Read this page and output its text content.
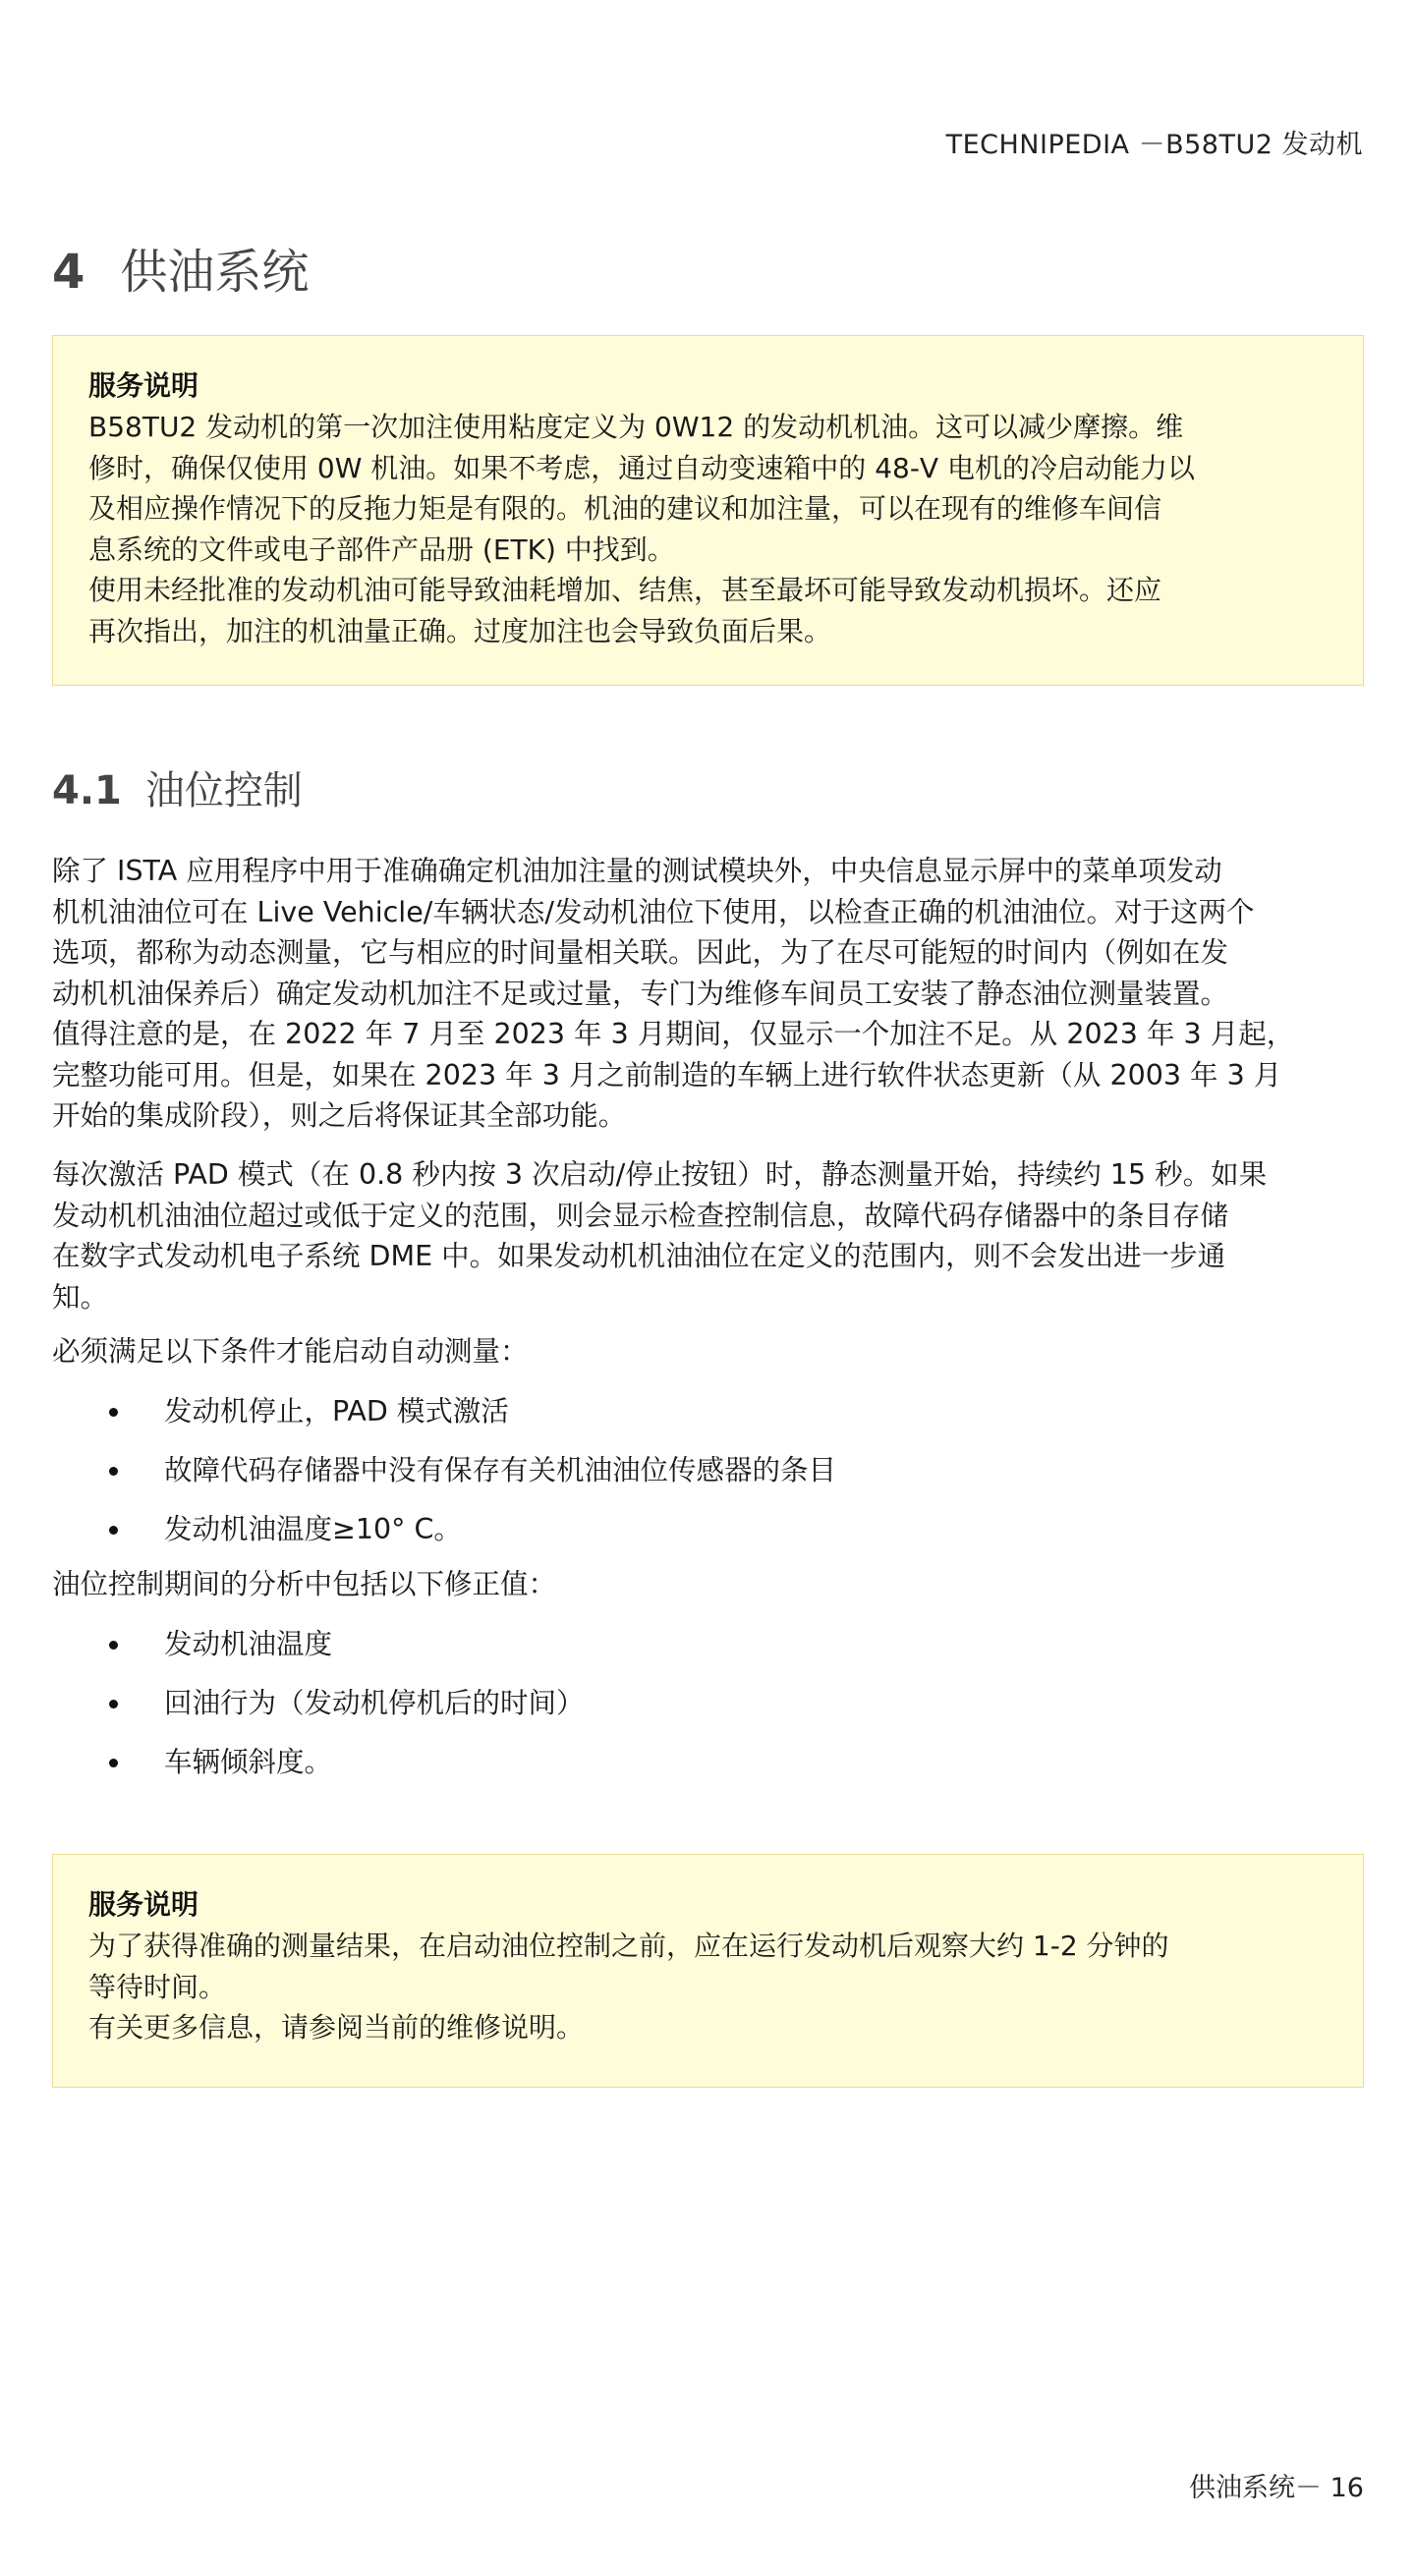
TECHNIPEDIA －B58TU2 发动机
4 供油系统
服务说明
B58TU2 发动机的第一次加注使用粘度定义为 0W12 的发动机机油。这可以减少摩擦。维
修时，确保仅使用 0W 机油。如果不考虑，通过自动变速箱中的 48-V 电机的冷启动能力以
及相应操作情况下的反拖力矩是有限的。机油的建议和加注量，可以在现有的维修车间信
息系统的文件或电子部件产品册 (ETK) 中找到。
使用未经批准的发动机油可能导致油耗增加、结焦，甚至最坏可能导致发动机损坏。还应
再次指出，加注的机油量正确。过度加注也会导致负面后果。
4.1 油位控制
除了 ISTA 应用程序中用于准确确定机油加注量的测试模块外，中央信息显示屏中的菜单项发动
机机油油位可在 Live Vehicle/车辆状态/发动机油位下使用，以检查正确的机油油位。对于这两个
选项，都称为动态测量，它与相应的时间量相关联。因此，为了在尽可能短的时间内（例如在发
动机机油保养后）确定发动机加注不足或过量，专门为维修车间员工安装了静态油位测量装置。
值得注意的是，在 2022 年 7 月至 2023 年 3 月期间，仅显示一个加注不足。从 2023 年 3 月起，
完整功能可用。但是，如果在 2023 年 3 月之前制造的车辆上进行软件状态更新（从 2003 年 3 月
开始的集成阶段），则之后将保证其全部功能。
每次激活 PAD 模式（在 0.8 秒内按 3 次启动/停止按钮）时，静态测量开始，持续约 15 秒。如果
发动机机油油位超过或低于定义的范围，则会显示检查控制信息，故障代码存储器中的条目存储
在数字式发动机电子系统 DME 中。如果发动机机油油位在定义的范围内，则不会发出进一步通
知。
必须满足以下条件才能启动自动测量：
发动机停止，PAD 模式激活
故障代码存储器中没有保存有关机油油位传感器的条目
发动机油温度≥10° C。
油位控制期间的分析中包括以下修正值：
发动机油温度
回油行为（发动机停机后的时间）
车辆倾斜度。
服务说明
为了获得准确的测量结果，在启动油位控制之前，应在运行发动机后观察大约 1-2 分钟的
等待时间。
有关更多信息，请参阅当前的维修说明。
供油系统－ 16
